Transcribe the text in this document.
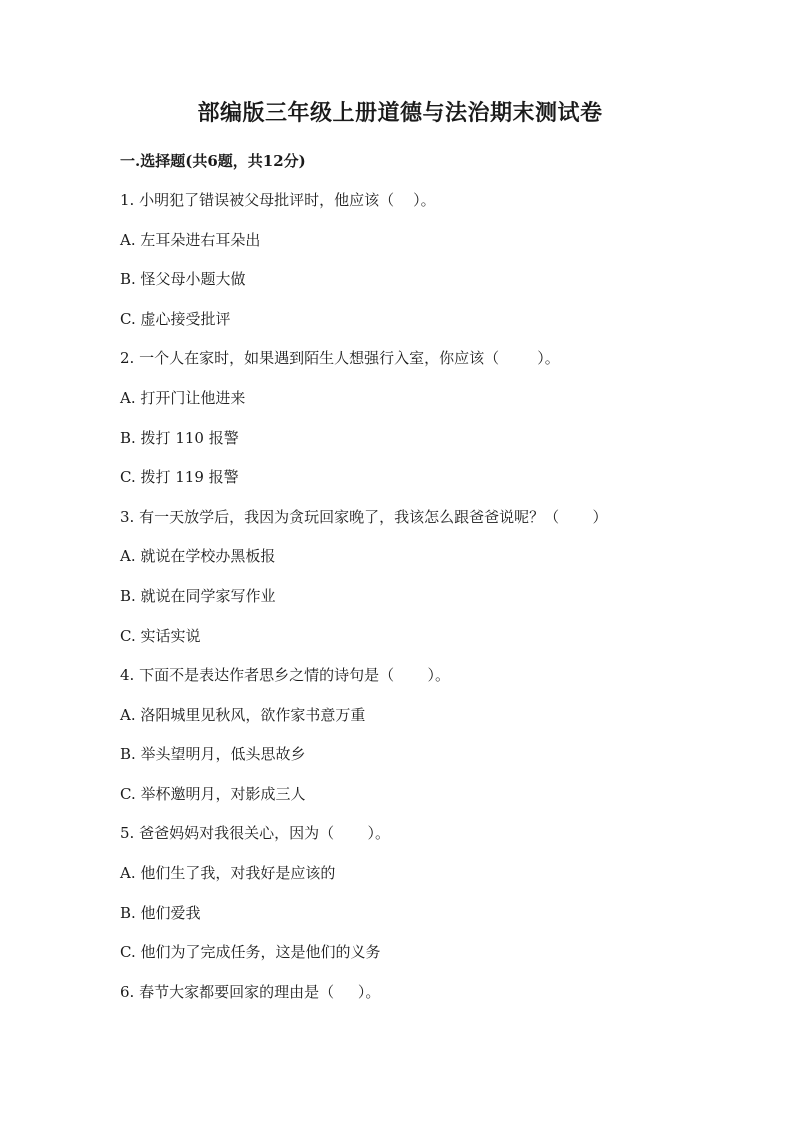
部编版三年级上册道德与法治期末测试卷
一.选择题(共6题，共12分)
1. 小明犯了错误被父母批评时，他应该（    ）。
A. 左耳朵进右耳朵出
B. 怪父母小题大做
C. 虚心接受批评
2. 一个人在家时，如果遇到陌生人想强行入室，你应该（        ）。
A. 打开门让他进来
B. 拨打 110 报警
C. 拨打 119 报警
3. 有一天放学后，我因为贪玩回家晚了，我该怎么跟爸爸说呢？（       ）
A. 就说在学校办黑板报
B. 就说在同学家写作业
C. 实话实说
4. 下面不是表达作者思乡之情的诗句是（       ）。
A. 洛阳城里见秋风，欲作家书意万重
B. 举头望明月，低头思故乡
C. 举杯邀明月，对影成三人
5. 爸爸妈妈对我很关心，因为（       ）。
A. 他们生了我，对我好是应该的
B. 他们爱我
C. 他们为了完成任务，这是他们的义务
6. 春节大家都要回家的理由是（     ）。
